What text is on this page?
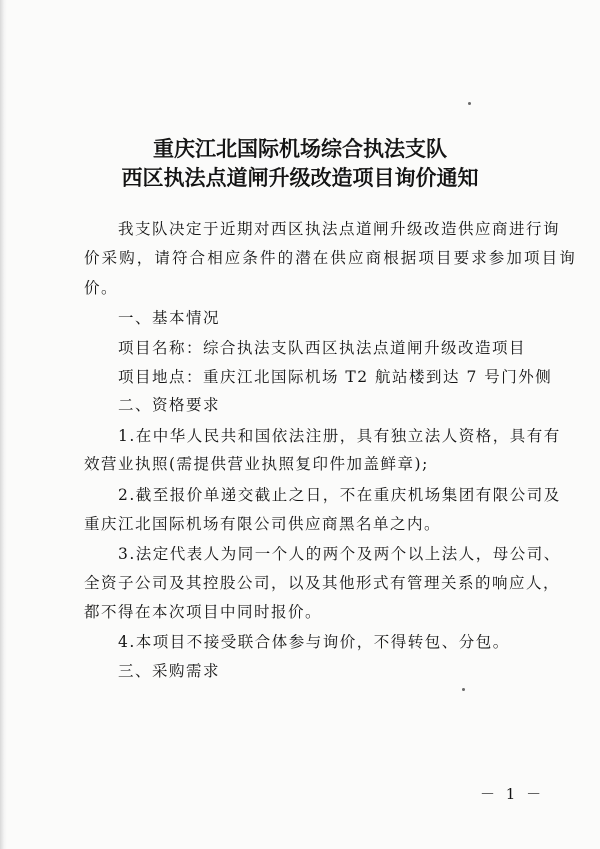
重庆江北国际机场综合执法支队
西区执法点道闸升级改造项目询价通知
我支队决定于近期对西区执法点道闸升级改造供应商进行询
价采购，请符合相应条件的潜在供应商根据项目要求参加项目询
价。
一、基本情况
项目名称：综合执法支队西区执法点道闸升级改造项目
项目地点：重庆江北国际机场 T2 航站楼到达 7 号门外侧
二、资格要求
1.在中华人民共和国依法注册，具有独立法人资格，具有有
效营业执照(需提供营业执照复印件加盖鲜章);
2.截至报价单递交截止之日，不在重庆机场集团有限公司及
重庆江北国际机场有限公司供应商黑名单之内。
3.法定代表人为同一个人的两个及两个以上法人，母公司、
全资子公司及其控股公司，以及其他形式有管理关系的响应人，
都不得在本次项目中同时报价。
4.本项目不接受联合体参与询价，不得转包、分包。
三、采购需求
－ 1 －
